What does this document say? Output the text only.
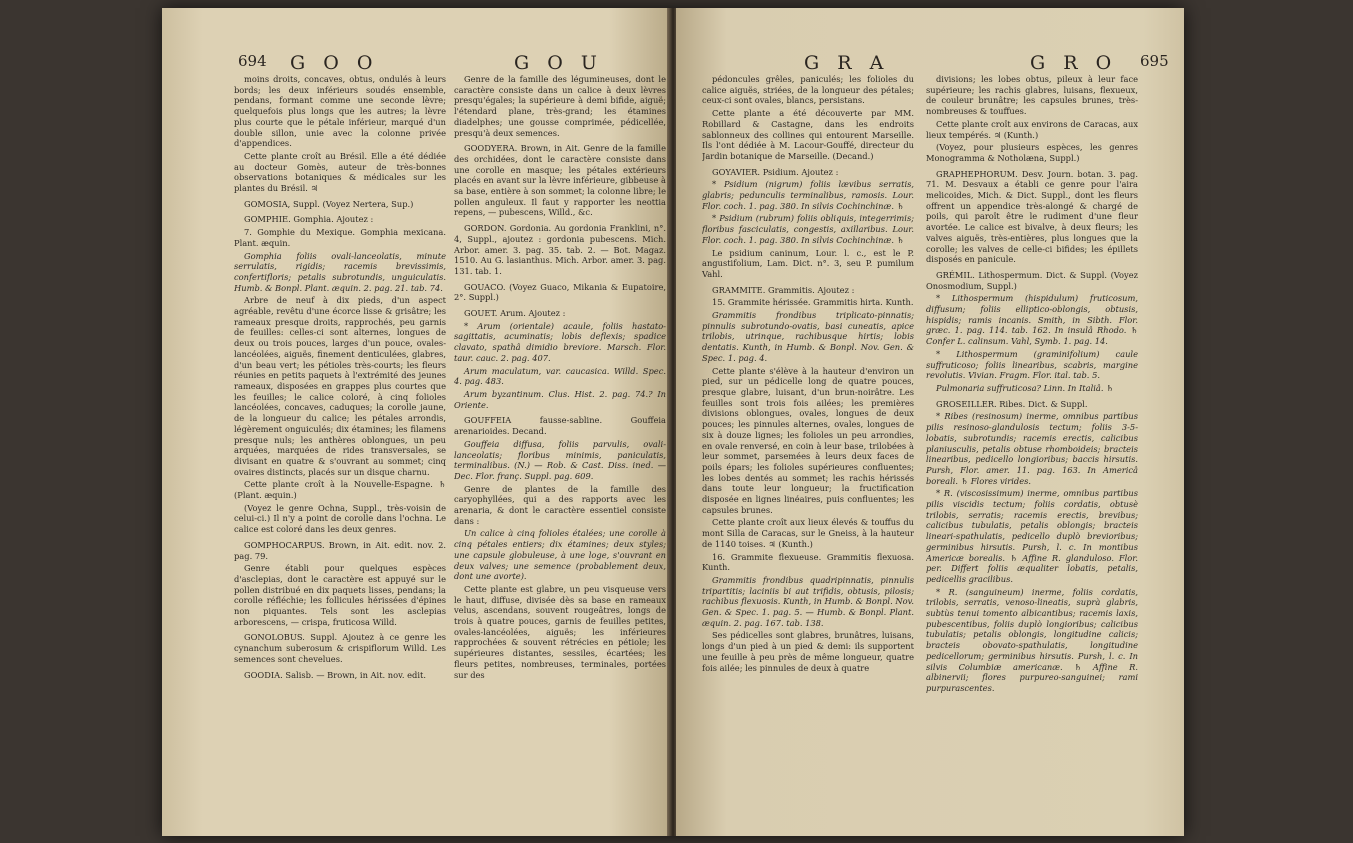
694 G O O	G O U

moins droits, concaves, obtus, ondulés à leurs bords; les deux inférieurs soudés ensemble, pendans, formant comme une seconde lèvre; quelquefois plus longs que les autres; la lèvre plus courte que le pétale inférieur, marqué d'un double sillon, unie avec la colonne privée d'appendices.

Cette plante croît au Brésil. Elle a été dédiée au docteur Gomès, auteur de très-bonnes observations botaniques & médicales sur les plantes du Brésil. ♃

GOMOSIA, Suppl. (Voyez Nertera, Sup.)

GOMPHIE. Gomphia. Ajoutez :

7. Gomphie du Mexique. Gomphia mexicana. Plant. æquin.

Gomphia foliis ovali-lanceolatis, minute serrulatis, rigidis; racemis brevissimis, confertifloris; petalis subrotundis, unguiculatis. Humb. & Bonpl. Plant. æquin. 2. pag. 21. tab. 74.

Arbre de neuf à dix pieds, d'un aspect agréable, revêtu d'une écorce lisse & grisâtre; les rameaux presque droits, rapprochés, peu garnis de feuilles: celles-ci sont alternes, longues de deux ou trois pouces, larges d'un pouce, ovales-lancéolées, aiguës, finement denticulées, glabres, d'un beau vert; les pétioles très-courts; les fleurs réunies en petits paquets à l'extrémité des jeunes rameaux, disposées en grappes plus courtes que les feuilles; le calice coloré, à cinq folioles lancéolées, concaves, caduques; la corolle jaune, de la longueur du calice; les pétales arrondis, légèrement onguiculés; dix étamines; les filamens presque nuls; les anthères oblongues, un peu arquées, marquées de rides transversales, se divisant en quatre & s'ouvrant au sommet; cinq ovaires distincts, placés sur un disque charnu.

Cette plante croît à la Nouvelle-Espagne. ♄ (Plant. æquin.)

(Voyez le genre Ochna, Suppl., très-voisin de celui-ci.) Il n'y a point de corolle dans l'ochna. Le calice est coloré dans les deux genres.

GOMPHOCARPUS. Brown, in Ait. edit. nov. 2. pag. 79.

Genre établi pour quelques espèces d'asclepias, dont le caractère est appuyé sur le pollen distribué en dix paquets lisses, pendans; la corolle réfléchie; les follicules hérissées d'épines non piquantes. Tels sont les asclepias arborescens, — crispa, fruticosa Willd.

GONOLOBUS. Suppl. Ajoutez à ce genre les cynanchum suberosum & crispiflorum Willd. Les semences sont chevelues.

GOODIA. Salisb. — Brown, in Ait. nov. edit.

Genre de la famille des légumineuses, dont le caractère consiste dans un calice à deux lèvres presqu'égales; la supérieure à demi bifide, aiguë; l'étendard plane, très-grand; les étamines diadelphes; une gousse comprimée, pédicellée, presqu'à deux semences.

GOODYERA. Brown, in Ait. Genre de la famille des orchidées, dont le caractère consiste dans une corolle en masque; les pétales extérieurs placés en avant sur la lèvre inférieure, gibbeuse à sa base, entière à son sommet; la colonne libre; le pollen anguleux. Il faut y rapporter les neottia repens, — pubescens, Willd., &c.

GORDON. Gordonia. Au gordonia Franklini, n°. 4, Suppl., ajoutez : gordonia pubescens. Mich. Arbor. amer. 3. pag. 35. tab. 2. — Bot. Magaz. 1510. Au G. lasianthus. Mich. Arbor. amer. 3. pag. 131. tab. 1.

GOUACO. (Voyez Guaco, Mikania & Eupatoire, 2°. Suppl.)

GOUET. Arum. Ajoutez :

* Arum (orientale) acaule, foliis hastato-sagittatis, acuminatis; lobis deflexis; spadice clavato, spathâ dimidio breviore. Marsch. Flor. taur. cauc. 2. pag. 407.

Arum maculatum, var. caucasica. Willd. Spec. 4. pag. 483.

Arum byzantinum. Clus. Hist. 2. pag. 74.? In Oriente.

GOUFFEIA fausse-sabline. Gouffeia arenarioides. Decand.

Gouffeia diffusa, foliis parvulis, ovali-lanceolatis; floribus minimis, paniculatis, terminalibus. (N.) — Rob. & Cast. Diss. ined. — Dec. Flor. franç. Suppl. pag. 609.

Genre de plantes de la famille des caryophyllées, qui a des rapports avec les arenaria, & dont le caractère essentiel consiste dans :

Un calice à cinq folioles étalées; une corolle à cinq pétales entiers; dix étamines; deux styles; une capsule globuleuse, à une loge, s'ouvrant en deux valves; une semence (probablement deux, dont une avorte).

Cette plante est glabre, un peu visqueuse vers le haut, diffuse, divisée dès sa base en rameaux velus, ascendans, souvent rougeâtres, longs de trois à quatre pouces, garnis de feuilles petites, ovales-lancéolées, aiguës; les inférieures rapprochées & souvent rétrécies en pétiole; les supérieures distantes, sessiles, écartées; les fleurs petites, nombreuses, terminales, portées sur des

G R A	G R O 695

pédoncules grêles, paniculés; les folioles du calice aiguës, striées, de la longueur des pétales; ceux-ci sont ovales, blancs, persistans.

Cette plante a été découverte par MM. Robillard & Castagne, dans les endroits sablonneux des collines qui entourent Marseille. Ils l'ont dédiée à M. Lacour-Gouffé, directeur du Jardin botanique de Marseille. (Decand.)

GOYAVIER. Psidium. Ajoutez :

* Psidium (nigrum) foliis lævibus serratis, glabris; pedunculis terminalibus, ramosis. Lour. Flor. coch. 1. pag. 380. In silvis Cochinchinæ. ♄

* Psidium (rubrum) foliis obliquis, integerrimis; floribus fasciculatis, congestis, axillaribus. Lour. Flor. coch. 1. pag. 380. In silvis Cochinchinæ. ♄

Le psidium caninum, Lour. l. c., est le P. angustifolium, Lam. Dict. n°. 3, seu P. pumilum Vahl.

GRAMMITE. Grammitis. Ajoutez :

15. Grammite hérissée. Grammitis hirta. Kunth.

Grammitis frondibus triplicato-pinnatis; pinnulis subrotundo-ovatis, basi cuneatis, apice trilobis, utrinque, rachibusque hirtis; lobis dentatis. Kunth, in Humb. & Bonpl. Nov. Gen. & Spec. 1. pag. 4.

Cette plante s'élève à la hauteur d'environ un pied, sur un pédicelle long de quatre pouces, presque glabre, luisant, d'un brun-noirâtre. Les feuilles sont trois fois ailées; les premières divisions oblongues, ovales, longues de deux pouces; les pinnules alternes, ovales, longues de six à douze lignes; les folioles un peu arrondies, en ovale renversé, en coin à leur base, trilobées à leur sommet, parsemées à leurs deux faces de poils épars; les folioles supérieures confluentes; les lobes dentés au sommet; les rachis hérissés dans toute leur longueur; la fructification disposée en lignes linéaires, puis confluentes; les capsules brunes.

Cette plante croît aux lieux élevés & touffus du mont Silla de Caracas, sur le Gneiss, à la hauteur de 1140 toises. ♃ (Kunth.)

16. Grammite flexueuse. Grammitis flexuosa. Kunth.

Grammitis frondibus quadripinnatis, pinnulis tripartitis; laciniis bi aut trifidis, obtusis, pilosis; rachibus flexuosis. Kunth, in Humb. & Bonpl. Nov. Gen. & Spec. 1. pag. 5. — Humb. & Bonpl. Plant. æquin. 2. pag. 167. tab. 138.

Ses pédicelles sont glabres, brunâtres, luisans, longs d'un pied à un pied & demi: ils supportent une feuille à peu près de même longueur, quatre fois ailée; les pinnules de deux à quatre

divisions; les lobes obtus, pileux à leur face supérieure; les rachis glabres, luisans, flexueux, de couleur brunâtre; les capsules brunes, très-nombreuses & touffues.

Cette plante croît aux environs de Caracas, aux lieux tempérés. ♃ (Kunth.)

(Voyez, pour plusieurs espèces, les genres Monogramma & Notholæna, Suppl.)

GRAPHEPHORUM. Desv. Journ. botan. 3. pag. 71. M. Desvaux a établi ce genre pour l'aira melicoides, Mich. & Dict. Suppl., dont les fleurs offrent un appendice très-alongé & chargé de poils, qui paroît être le rudiment d'une fleur avortée. Le calice est bivalve, à deux fleurs; les valves aiguës, très-entières, plus longues que la corolle; les valves de celle-ci bifides; les épillets disposés en panicule.

GRÉMIL. Lithospermum. Dict. & Suppl. (Voyez Onosmodium, Suppl.)

* Lithospermum (hispidulum) fruticosum, diffusum; foliis elliptico-oblongis, obtusis, hispidis; ramis incanis. Smith, in Sibth. Flor. græc. 1. pag. 114. tab. 162. In insulâ Rhodo. ♄ Confer L. calinsum. Vahl, Symb. 1. pag. 14.

* Lithospermum (graminifolium) caule suffruticoso; foliis linearibus, scabris, margine revolutis. Vivian. Fragm. Flor. ital. tab. 5.

Pulmonaria suffruticosa? Linn. In Italiâ. ♄

GROSEILLER. Ribes. Dict. & Suppl.

* Ribes (resinosum) inerme, omnibus partibus pilis resinoso-glandulosis tectum; foliis 3-5-lobatis, subrotundis; racemis erectis, calicibus planiusculis, petalis obtuse rhomboideis; bracteis linearibus, pedicello longioribus; baccis hirsutis. Pursh, Flor. amer. 11. pag. 163. In Americâ boreali. ♄ Flores virides.

* R. (viscosissimum) inerme, omnibus partibus pilis viscidis tectum; foliis cordatis, obtusè trilobis, serratis; racemis erectis, brevibus; calicibus tubulatis, petalis oblongis; bracteis lineari-spathulatis, pedicello duplò brevioribus; germinibus hirsutis. Pursh, l. c. In montibus Americæ borealis. ♄ Affine R. glanduloso. Flor. per. Differt foliis æqualiter lobatis, petalis, pedicellis gracilibus.

* R. (sanguineum) inerme, foliis cordatis, trilobis, serratis, venoso-lineatis, suprà glabris, subtùs tenui tomento albicantibus; racemis laxis, pubescentibus, foliis duplò longioribus; calicibus tubulatis; petalis oblongis, longitudine calicis; bracteis obovato-spathulatis, longitudine pedicellorum; germinibus hirsutis. Pursh, l. c. In silvis Columbiæ americanæ. ♄ Affine R. albinervii; flores purpureo-sanguinei; rami purpurascentes.
